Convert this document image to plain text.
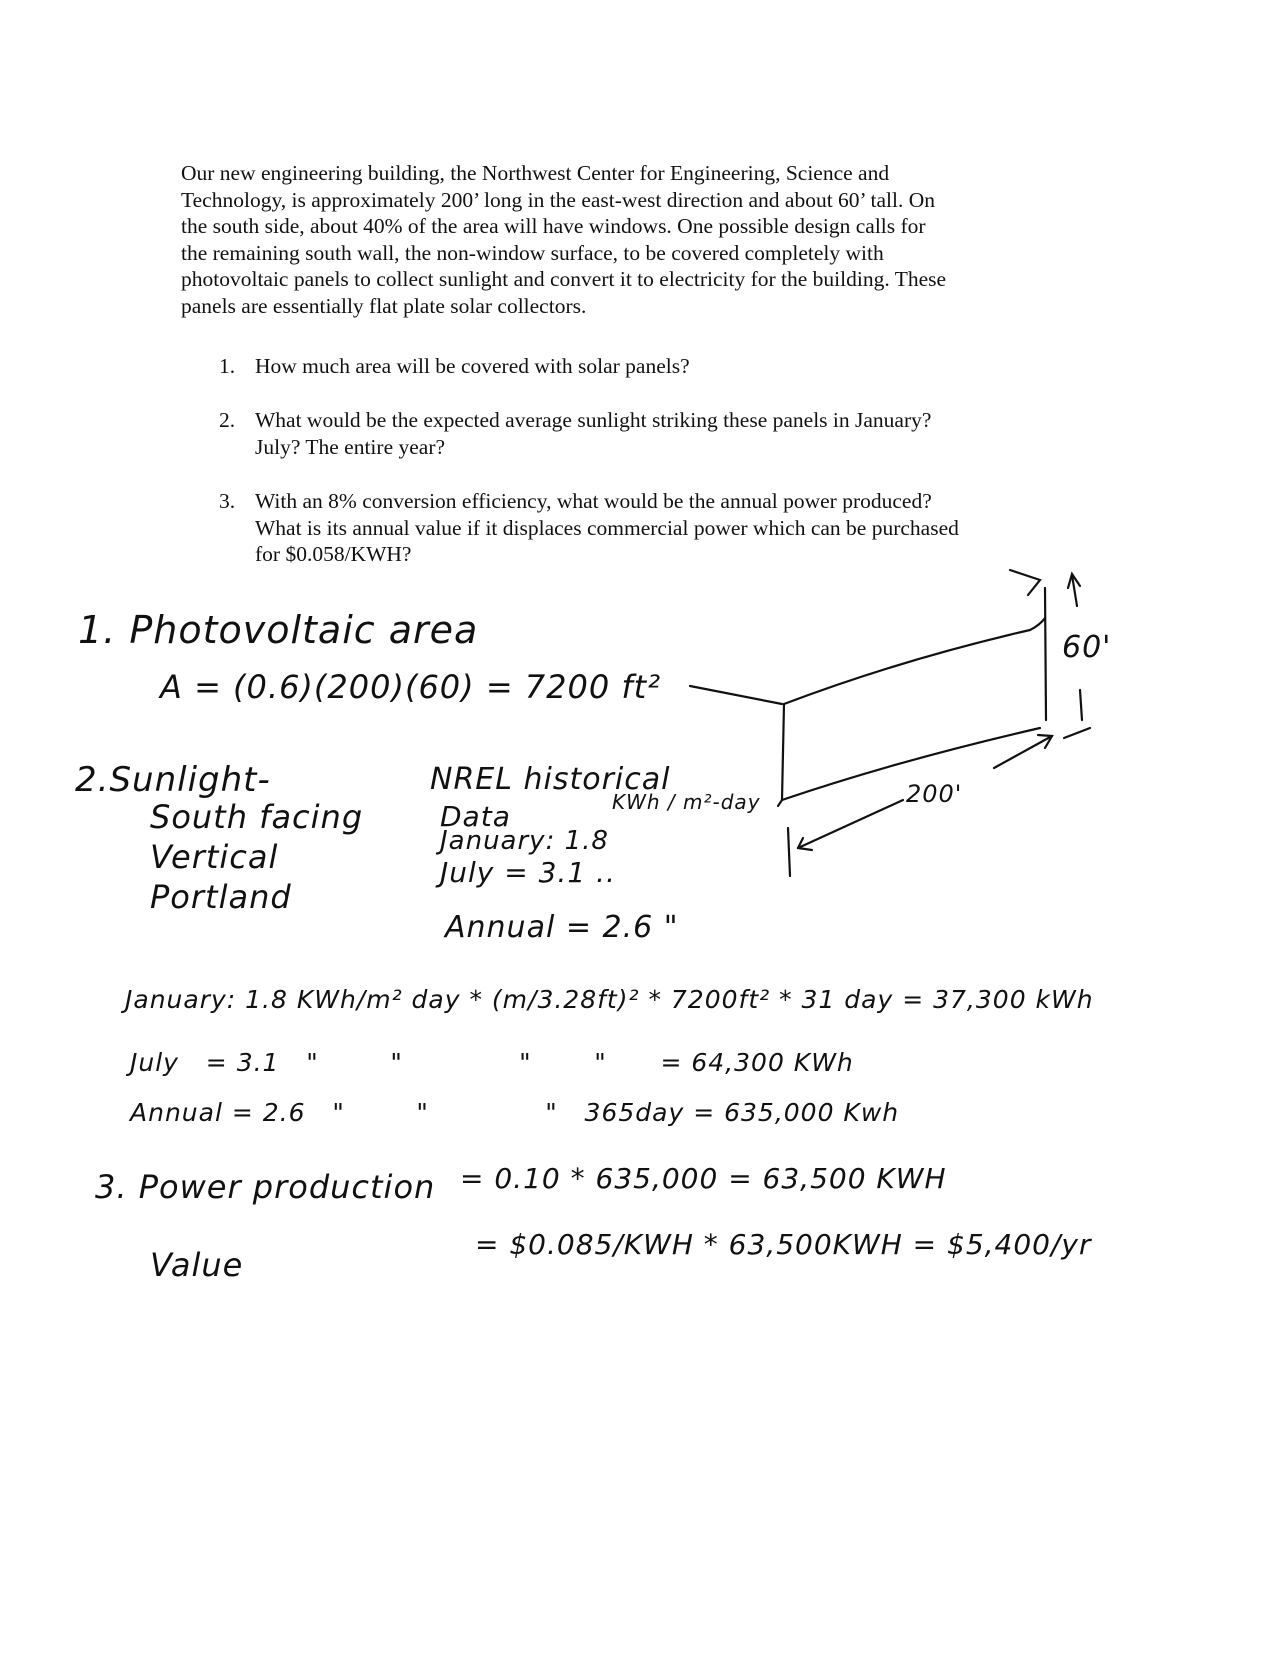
Our new engineering building, the Northwest Center for Engineering, Science and
Technology, is approximately 200’ long in the east-west direction and about 60’ tall. On
the south side, about 40% of the area will have windows. One possible design calls for
the remaining south wall, the non-window surface, to be covered completely with
photovoltaic panels to collect sunlight and convert it to electricity for the building. These
panels are essentially flat plate solar collectors.
1. How much area will be covered with solar panels?
2. What would be the expected average sunlight striking these panels in January?
July? The entire year?
3. With an 8% conversion efficiency, what would be the annual power produced?
What is its annual value if it displaces commercial power which can be purchased
for $0.058/KWH?
1. Photovoltaic area
A = (0.6)(200)(60) = 7200 ft²
2.Sunlight-
South facing
Vertical
Portland
NREL historical
Data	KWh / m²-day
January: 1.8
July = 3.1 ..
Annual = 2.6 "
January: 1.8 KWh/m² day * (m/3.28ft)² * 7200ft² * 31 day = 37,300 kWh
July   = 3.1   "        "             "       "      = 64,300 KWh
Annual = 2.6   "        "             "   365day = 635,000 Kwh
3. Power production = 0.10 * 635,000 = 63,500 KWH
Value
= $0.085/KWH * 63,500KWH = $5,400/yr
60'
200'
